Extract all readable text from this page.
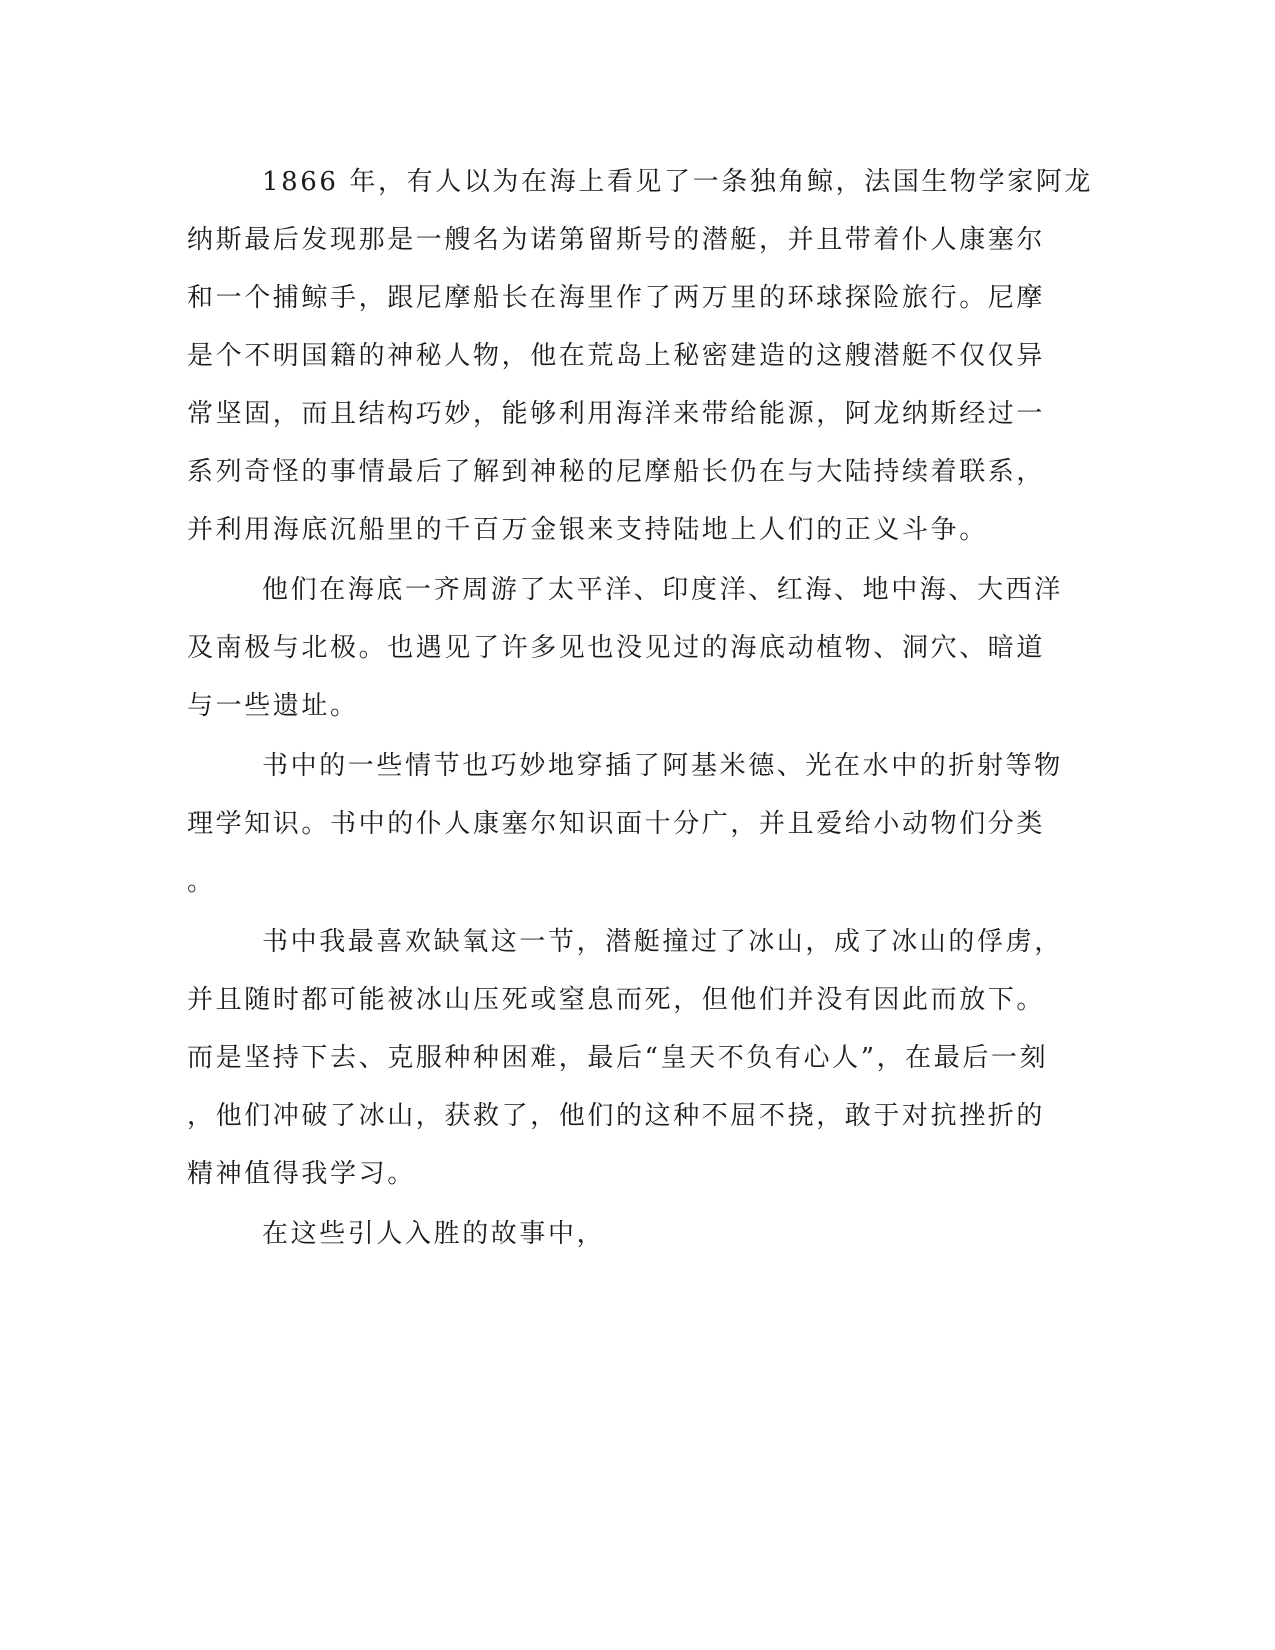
1866 年，有人以为在海上看见了一条独角鲸，法国生物学家阿龙
纳斯最后发现那是一艘名为诺第留斯号的潜艇，并且带着仆人康塞尔
和一个捕鲸手，跟尼摩船长在海里作了两万里的环球探险旅行。尼摩
是个不明国籍的神秘人物，他在荒岛上秘密建造的这艘潜艇不仅仅异
常坚固，而且结构巧妙，能够利用海洋来带给能源，阿龙纳斯经过一
系列奇怪的事情最后了解到神秘的尼摩船长仍在与大陆持续着联系，
并利用海底沉船里的千百万金银来支持陆地上人们的正义斗争。
他们在海底一齐周游了太平洋、印度洋、红海、地中海、大西洋
及南极与北极。也遇见了许多见也没见过的海底动植物、洞穴、暗道
与一些遗址。
书中的一些情节也巧妙地穿插了阿基米德、光在水中的折射等物
理学知识。书中的仆人康塞尔知识面十分广，并且爱给小动物们分类
。
书中我最喜欢缺氧这一节，潜艇撞过了冰山，成了冰山的俘虏，
并且随时都可能被冰山压死或窒息而死，但他们并没有因此而放下。
而是坚持下去、克服种种困难，最后“皇天不负有心人”，在最后一刻
，他们冲破了冰山，获救了，他们的这种不屈不挠，敢于对抗挫折的
精神值得我学习。
在这些引人入胜的故事中，
